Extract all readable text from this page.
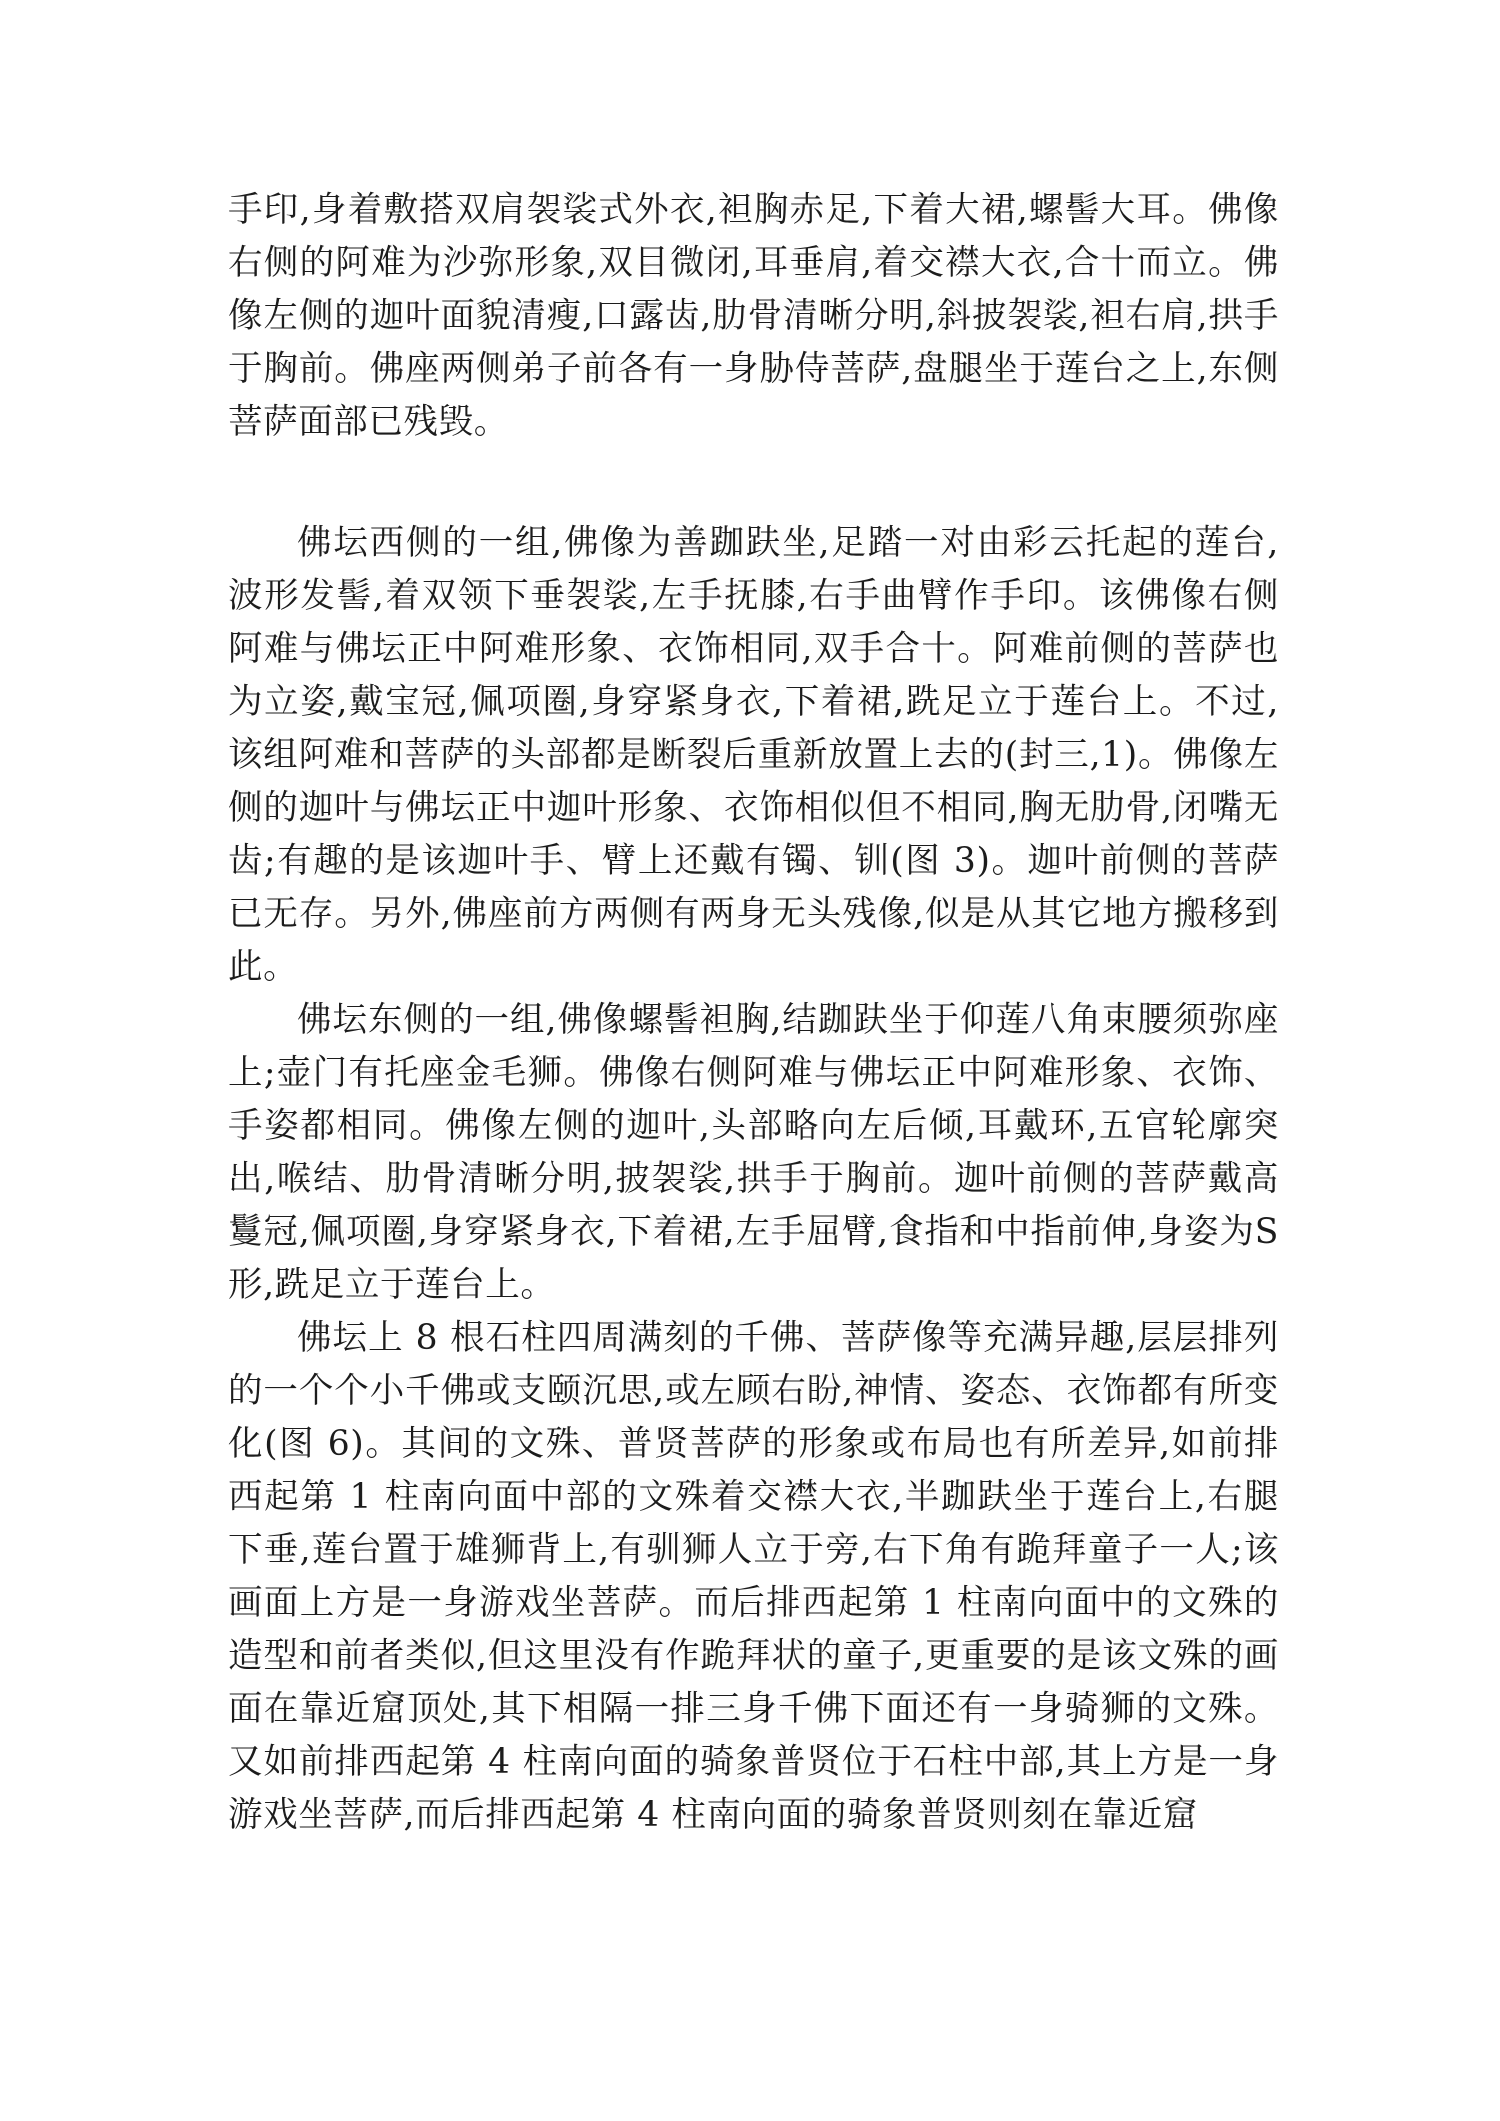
手印,身着敷搭双肩袈裟式外衣,袒胸赤足,下着大裙,螺髻大耳。佛像右侧的阿难为沙弥形象,双目微闭,耳垂肩,着交襟大衣,合十而立。佛像左侧的迦叶面貌清瘦,口露齿,肋骨清晰分明,斜披袈裟,袒右肩,拱手于胸前。佛座两侧弟子前各有一身胁侍菩萨,盘腿坐于莲台之上,东侧菩萨面部已残毁。

佛坛西侧的一组,佛像为善跏趺坐,足踏一对由彩云托起的莲台,波形发髻,着双领下垂袈裟,左手抚膝,右手曲臂作手印。该佛像右侧阿难与佛坛正中阿难形象、衣饰相同,双手合十。阿难前侧的菩萨也为立姿,戴宝冠,佩项圈,身穿紧身衣,下着裙,跣足立于莲台上。不过,该组阿难和菩萨的头部都是断裂后重新放置上去的(封三,1)。佛像左侧的迦叶与佛坛正中迦叶形象、衣饰相似但不相同,胸无肋骨,闭嘴无齿;有趣的是该迦叶手、臂上还戴有镯、钏(图 3)。迦叶前侧的菩萨已无存。另外,佛座前方两侧有两身无头残像,似是从其它地方搬移到此。

佛坛东侧的一组,佛像螺髻袒胸,结跏趺坐于仰莲八角束腰须弥座上;壶门有托座金毛狮。佛像右侧阿难与佛坛正中阿难形象、衣饰、手姿都相同。佛像左侧的迦叶,头部略向左后倾,耳戴环,五官轮廓突出,喉结、肋骨清晰分明,披袈裟,拱手于胸前。迦叶前侧的菩萨戴高鬘冠,佩项圈,身穿紧身衣,下着裙,左手屈臂,食指和中指前伸,身姿为S形,跣足立于莲台上。

佛坛上 8 根石柱四周满刻的千佛、菩萨像等充满异趣,层层排列的一个个小千佛或支颐沉思,或左顾右盼,神情、姿态、衣饰都有所变化(图 6)。其间的文殊、普贤菩萨的形象或布局也有所差异,如前排西起第 1 柱南向面中部的文殊着交襟大衣,半跏趺坐于莲台上,右腿下垂,莲台置于雄狮背上,有驯狮人立于旁,右下角有跪拜童子一人;该画面上方是一身游戏坐菩萨。而后排西起第 1 柱南向面中的文殊的造型和前者类似,但这里没有作跪拜状的童子,更重要的是该文殊的画面在靠近窟顶处,其下相隔一排三身千佛下面还有一身骑狮的文殊。又如前排西起第 4 柱南向面的骑象普贤位于石柱中部,其上方是一身游戏坐菩萨,而后排西起第 4 柱南向面的骑象普贤则刻在靠近窟
